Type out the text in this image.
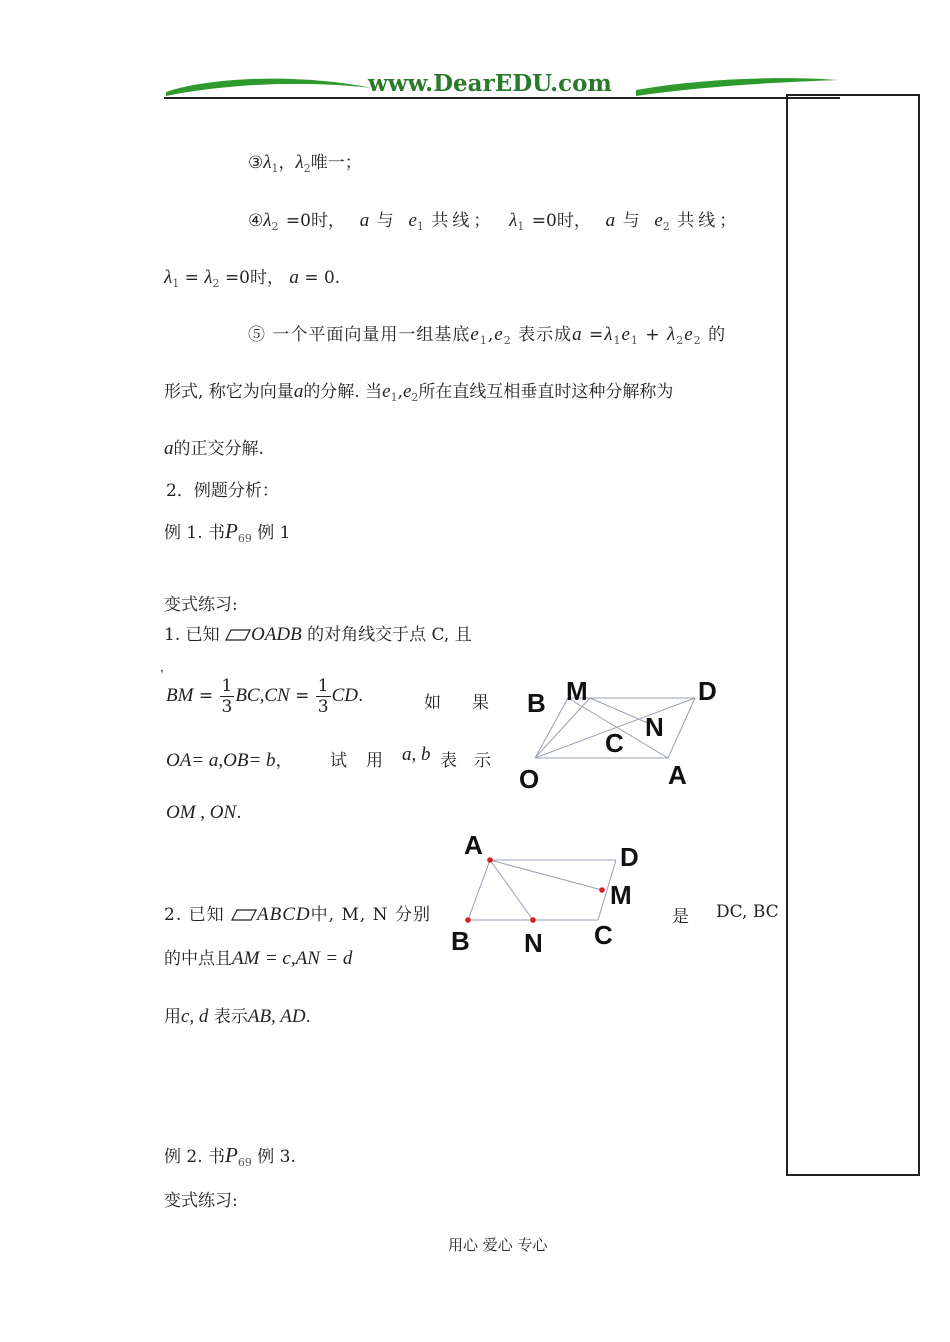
www.DearEDU.com
$③\lambda_1$，$\lambda_2$唯一；
$④\lambda_2 =0$时， a 与 $e_1$ 共线； $\lambda_1 =0$时， a 与 $e_2$ 共线；
$\lambda_1 = \lambda_2 =0$时， a = 0.
⑤ 一个平面向量用一组基底$e_1,e_2$ 表示成$a =\lambda_1e_1 + \lambda_2e_2$ 的
形式, 称它为向量a的分解. 当$e_1,e_2$所在直线互相垂直时这种分解称为
a的正交分解.
2．例题分析：
例 1. 书$P_{69}$ 例 1
变式练习:
1. 已知 OADB 的对角线交于点 C, 且
，
BM = $\frac{1}{3} BC,CN = \frac{1}{3}$ CD.	如 果
OA= a,OB= b， 试 用 a, b 表 示
OM , ON.
B M	D
N
C
O	A
2. 已知 ABCD中, M, N 分别	是 DC, BC
的中点且AM = c,AN = d
用c, d 表示AB, AD.
A	D
M
B N C
例 2. 书$P_{69}$ 例 3.
变式练习:
用心 爱心 专心
